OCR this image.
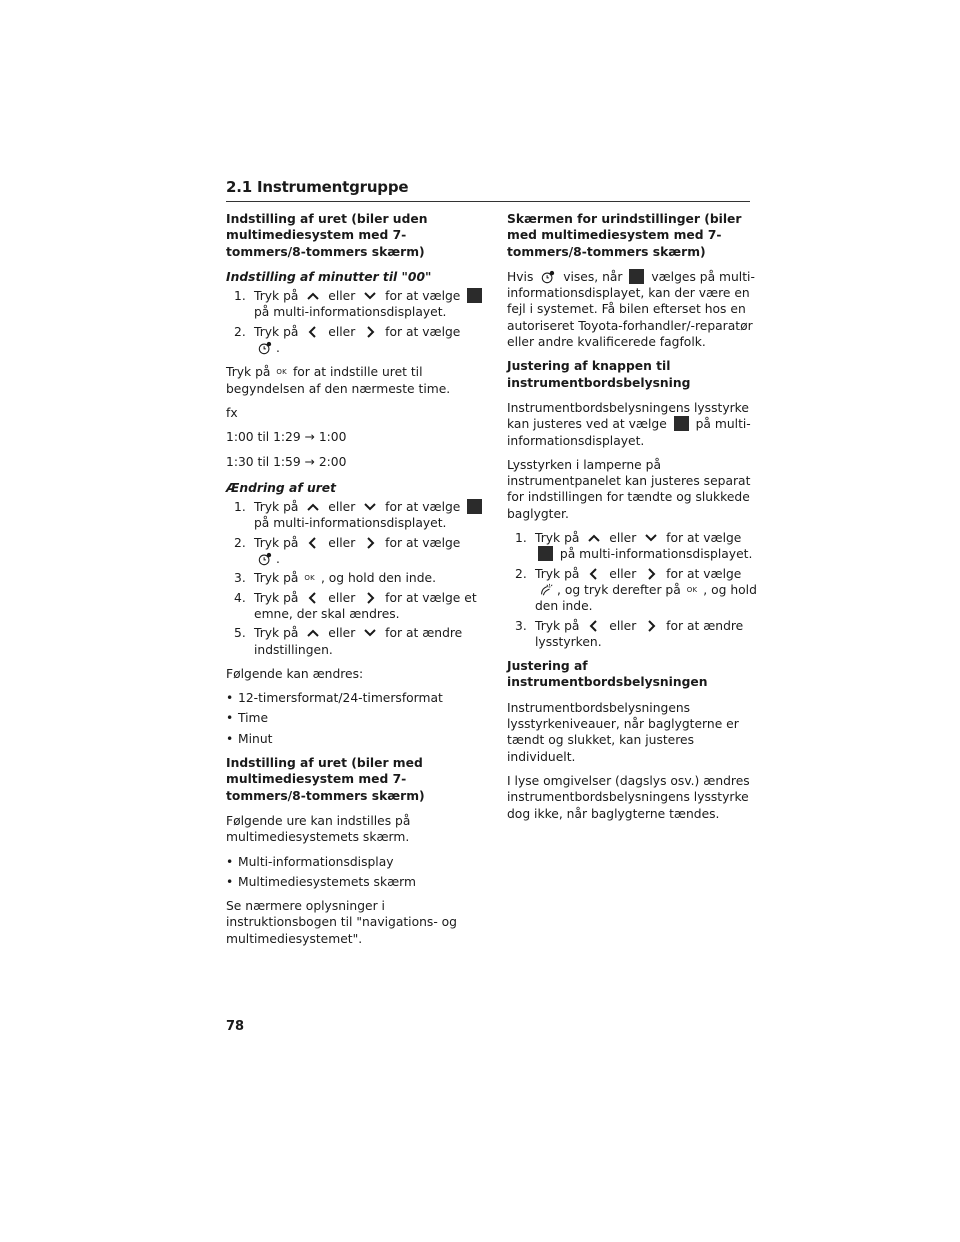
2.1 Instrumentgruppe
Indstilling af uret (biler uden multimediesystem med 7-tommers/8-tommers skærm)
Indstilling af minutter til "00"
1. Tryk på eller for at vælge  på multi-informationsdisplayet.
2. Tryk på eller for at vælge .
Tryk på OK for at indstille uret til begyndelsen af den nærmeste time.
fx
1:00 til 1:29 → 1:00
1:30 til 1:59 → 2:00
Ændring af uret
1. Tryk på eller for at vælge  på multi-informationsdisplayet.
2. Tryk på eller for at vælge .
3. Tryk på OK , og hold den inde.
4. Tryk på eller for at vælge et emne, der skal ændres.
5. Tryk på eller for at ændre indstillingen.
Følgende kan ændres:
• 12-timersformat/24-timersformat
• Time
• Minut
Indstilling af uret (biler med multimediesystem med 7-tommers/8-tommers skærm)
Følgende ure kan indstilles på multimediesystemets skærm.
• Multi-informationsdisplay
• Multimediesystemets skærm
Se nærmere oplysninger i instruktionsbogen til "navigations- og multimediesystemet".
Skærmen for urindstillinger (biler med multimediesystem med 7-tommers/8-tommers skærm)
Hvis vises, når vælges på multi-informationsdisplayet, kan der være en fejl i systemet. Få bilen efterset hos en autoriseret Toyota-forhandler/-reparatør eller andre kvalificerede fagfolk.
Justering af knappen til instrumentbordsbelysning
Instrumentbordsbelysningens lysstyrke kan justeres ved at vælge på multi-informationsdisplayet.
Lysstyrken i lamperne på instrumentpanelet kan justeres separat for indstillingen for tændte og slukkede baglygter.
1. Tryk på eller for at vælge  på multi-informationsdisplayet.
2. Tryk på eller for at vælge , og tryk derefter på OK , og hold den inde.
3. Tryk på eller for at ændre lysstyrken.
Justering af instrumentbordsbelysningen
Instrumentbordsbelysningens lysstyrkeniveauer, når baglygterne er tændt og slukket, kan justeres individuelt.
I lyse omgivelser (dagslys osv.) ændres instrumentbordsbelysningens lysstyrke dog ikke, når baglygterne tændes.
78
